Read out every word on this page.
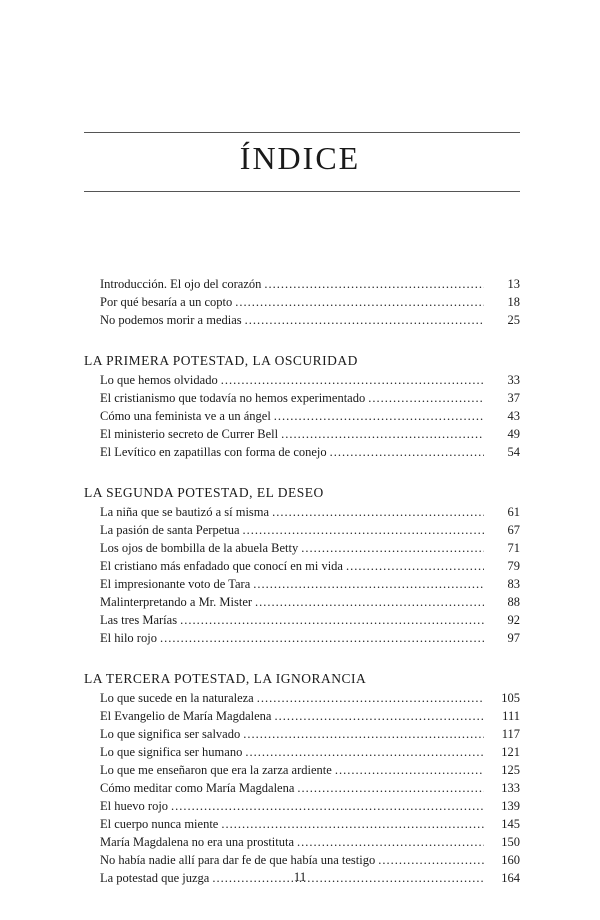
ÍNDICE
Introducción. El ojo del corazón .....	13
Por qué besaría a un copto .....	18
No podemos morir a medias .....	25
LA PRIMERA POTESTAD, LA OSCURIDAD
Lo que hemos olvidado .....	33
El cristianismo que todavía no hemos experimentado .....	37
Cómo una feminista ve a un ángel .....	43
El ministerio secreto de Currer Bell .....	49
El Levítico en zapatillas con forma de conejo .....	54
LA SEGUNDA POTESTAD, EL DESEO
La niña que se bautizó a sí misma .....	61
La pasión de santa Perpetua .....	67
Los ojos de bombilla de la abuela Betty .....	71
El cristiano más enfadado que conocí en mi vida .....	79
El impresionante voto de Tara .....	83
Malinterpretando a Mr. Mister .....	88
Las tres Marías .....	92
El hilo rojo .....	97
LA TERCERA POTESTAD, LA IGNORANCIA
Lo que sucede en la naturaleza .....	105
El Evangelio de María Magdalena .....	111
Lo que significa ser salvado .....	117
Lo que significa ser humano .....	121
Lo que me enseñaron que era la zarza ardiente .....	125
Cómo meditar como María Magdalena .....	133
El huevo rojo .....	139
El cuerpo nunca miente .....	145
María Magdalena no era una prostituta .....	150
No había nadie allí para dar fe de que había una testigo .....	160
La potestad que juzga .....	164
11
